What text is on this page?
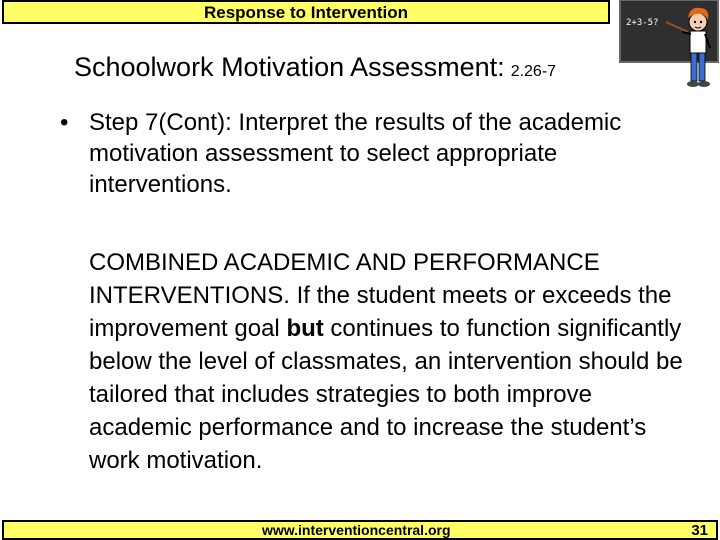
Response to Intervention
2+3-5?
Schoolwork Motivation Assessment: 2.26-7
• Step 7(Cont): Interpret the results of the academic motivation assessment to select appropriate interventions.
COMBINED ACADEMIC AND PERFORMANCE INTERVENTIONS. If the student meets or exceeds the improvement goal but continues to function significantly below the level of classmates, an intervention should be tailored that includes strategies to both improve academic performance and to increase the student’s work motivation.
www.interventioncentral.org	31
